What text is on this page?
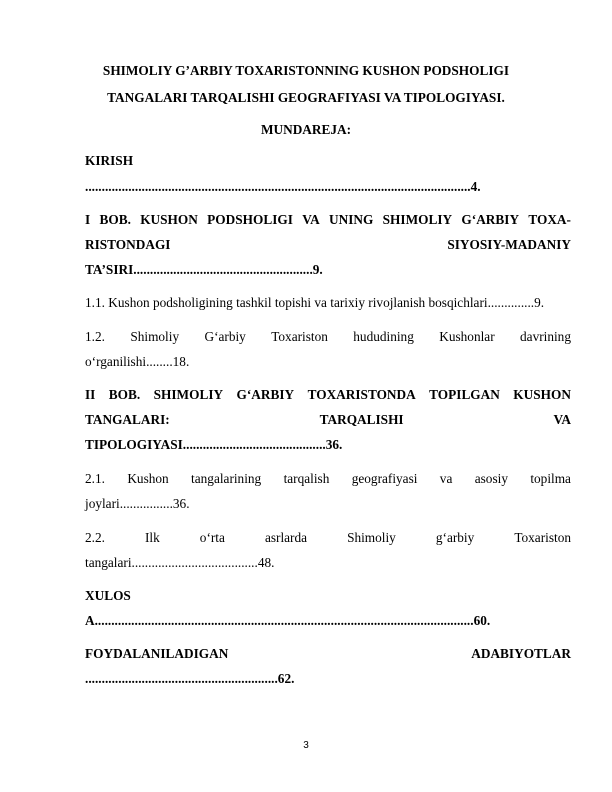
SHIMOLIY G’ARBIY TOXARISTONNING KUSHON PODSHOLIGI
TANGALARI TARQALISHI GEOGRAFIYASI VA TIPOLOGIYASI.
MUNDAREJA:
KIRISH
....................................................................................................................4.
I BOB. KUSHON PODSHOLIGI VA UNING SHIMOLIY G‘ARBIY TOXA-
RISTONDAGI	SIYOSIY-MADANIY
TA’SIRI......................................................9.
1.1. Kushon podsholigining tashkil topishi va tarixiy rivojlanish bosqichlari..............9.
1.2. Shimoliy G‘arbiy Toxariston hududining Kushonlar davrining
o‘rganilishi........18.
II BOB. SHIMOLIY G‘ARBIY TOXARISTONDA TOPILGAN KUSHON
TANGALARI:	TARQALISHI	VA
TIPOLOGIYASI...........................................36.
2.1. Kushon tangalarining tarqalish geografiyasi va asosiy topilma
joylari................36.
2.2.	Ilk	o‘rta	asrlarda	Shimoliy	g‘arbiy	Toxariston
tangalari......................................48.
XULOS
A..................................................................................................................60.
FOYDALANILADIGAN	ADABIYOTLAR
..........................................................62.
3
